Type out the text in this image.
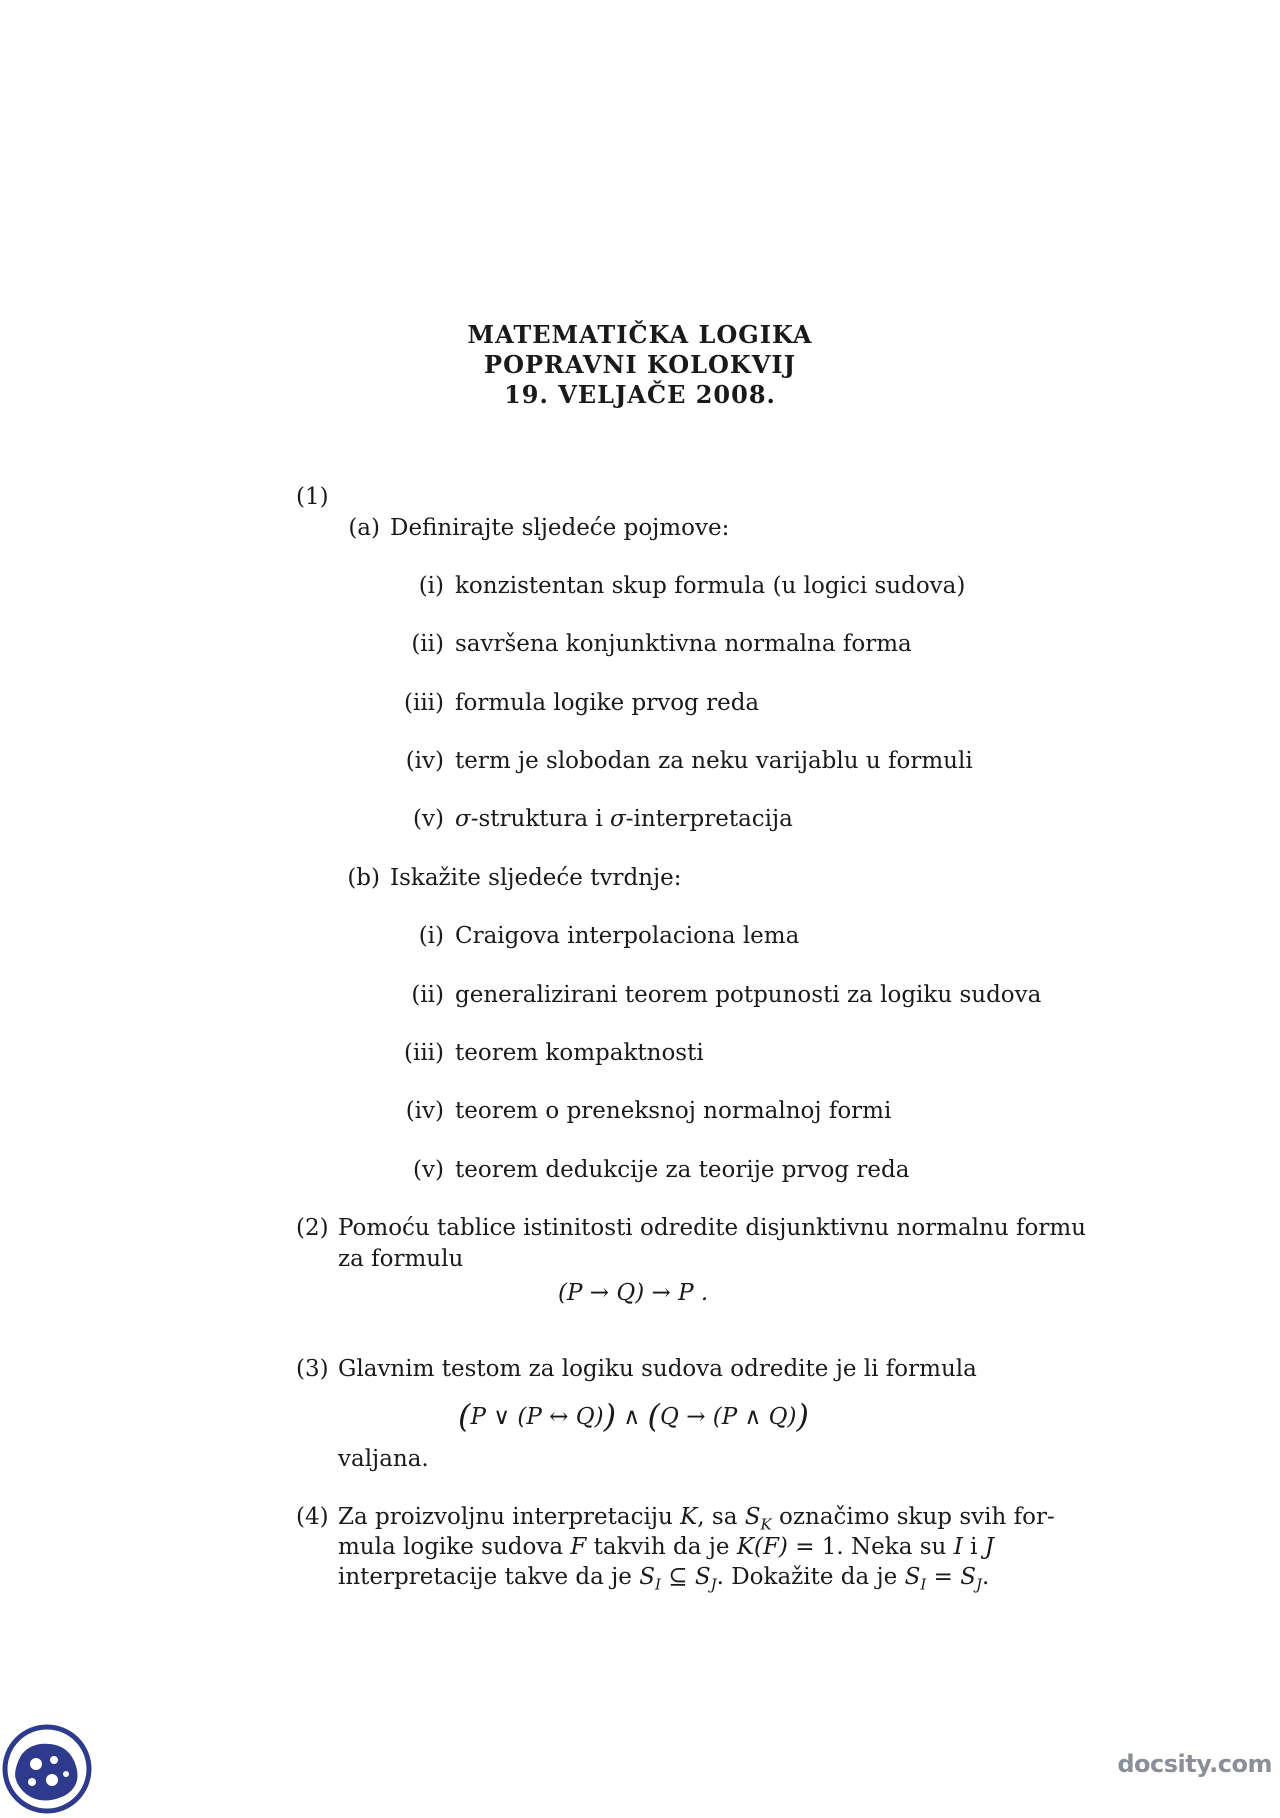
MATEMATIČKA LOGIKA
POPRAVNI KOLOKVIJ
19. VELJAČE 2008.
(1)
(a) Definirajte sljedeće pojmove:
(i) konzistentan skup formula (u logici sudova)
(ii) savršena konjunktivna normalna forma
(iii) formula logike prvog reda
(iv) term je slobodan za neku varijablu u formuli
(v) σ-struktura i σ-interpretacija
(b) Iskažite sljedeće tvrdnje:
(i) Craigova interpolaciona lema
(ii) generalizirani teorem potpunosti za logiku sudova
(iii) teorem kompaktnosti
(iv) teorem o preneksnoj normalnoj formi
(v) teorem dedukcije za teorije prvog reda
(2) Pomoću tablice istinitosti odredite disjunktivnu normalnu formu
za formulu
(P → Q) → P .
(3) Glavnim testom za logiku sudova odredite je li formula
(P ∨ (P ↔ Q)) ∧ (Q → (P ∧ Q))
valjana.
(4) Za proizvoljnu interpretaciju K, sa $S_K$ označimo skup svih for-
mula logike sudova F takvih da je K(F) = 1. Neka su I i J
interpretacije takve da je $S_I$ ⊆ $S_J$. Dokažite da je $S_I = S_J$.
docsity.com
